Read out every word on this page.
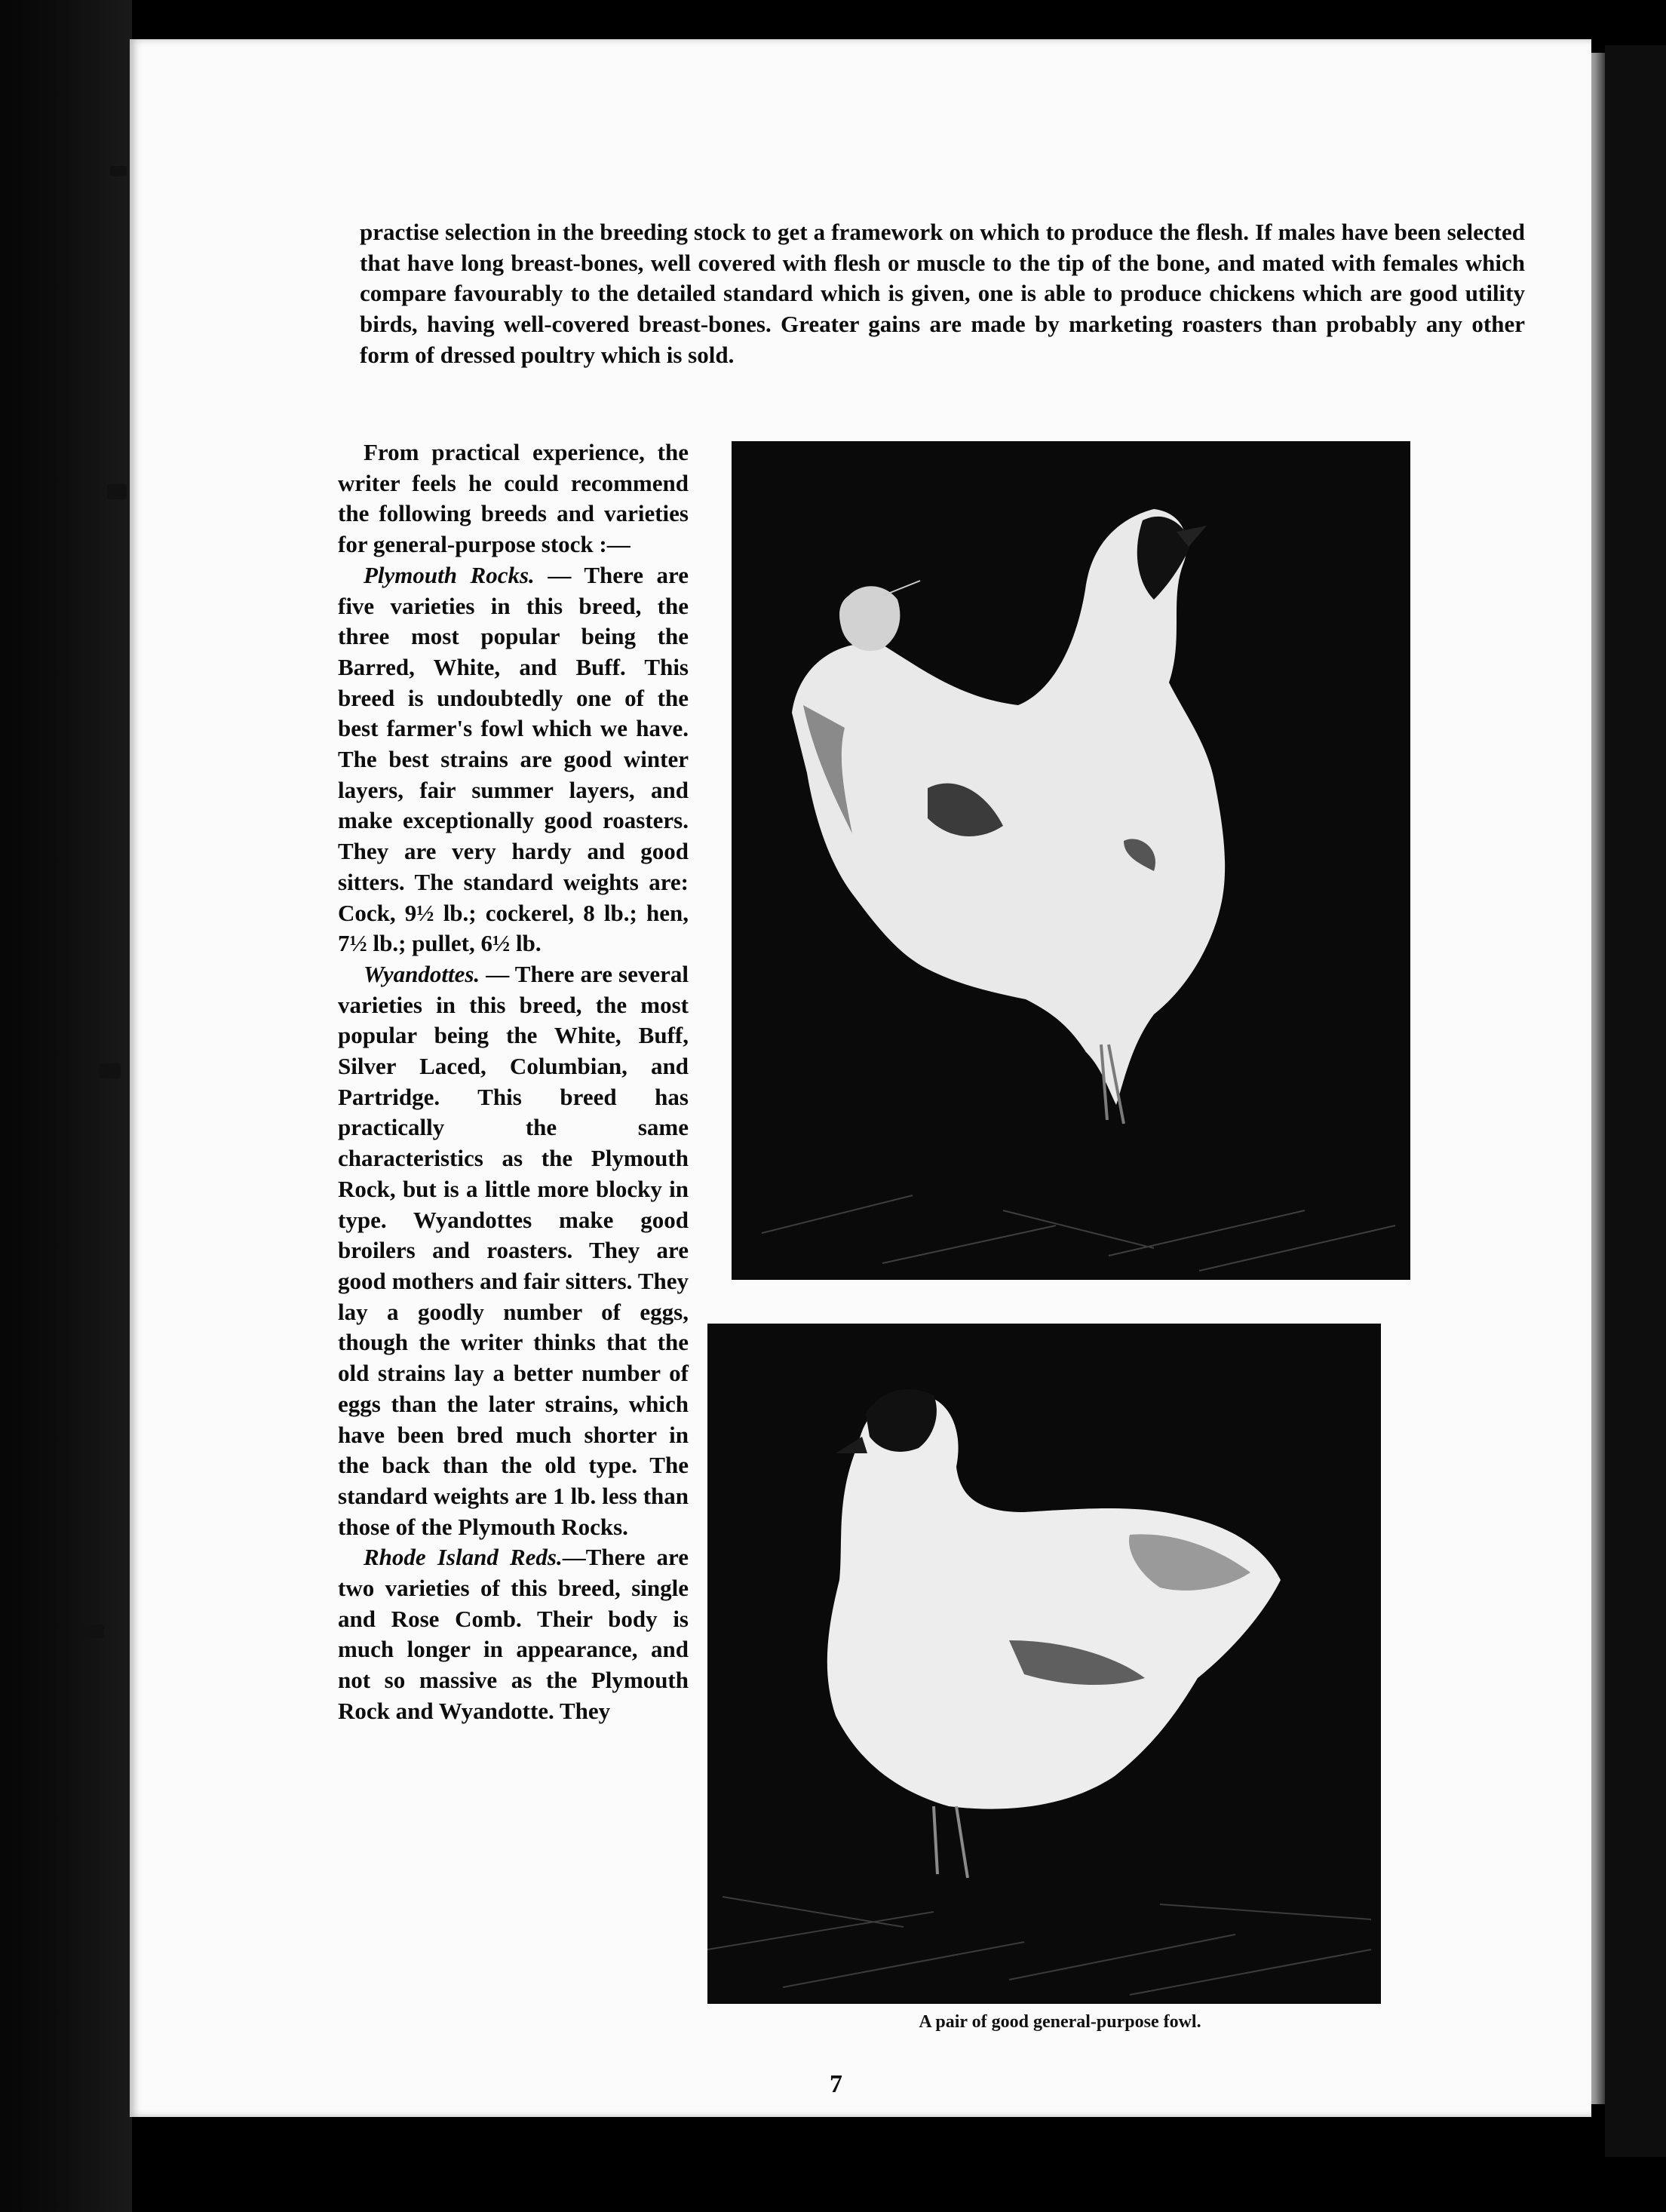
practise selection in the breeding stock to get a framework on which to produce the flesh. If males have been selected that have long breast-bones, well covered with flesh or muscle to the tip of the bone, and mated with females which compare favourably to the detailed standard which is given, one is able to produce chickens which are good utility birds, having well-covered breast-bones. Greater gains are made by marketing roasters than probably any other form of dressed poultry which is sold.

From practical experience, the writer feels he could recommend the following breeds and varieties for general-purpose stock :—

Plymouth Rocks. — There are five varieties in this breed, the three most popular being the Barred, White, and Buff. This breed is undoubtedly one of the best farmer's fowl which we have. The best strains are good winter layers, fair summer layers, and make exceptionally good roasters. They are very hardy and good sitters. The standard weights are: Cock, 9½ lb.; cockerel, 8 lb.; hen, 7½ lb.; pullet, 6½ lb.

Wyandottes. — There are several varieties in this breed, the most popular being the White, Buff, Silver Laced, Columbian, and Partridge. This breed has practically the same characteristics as the Plymouth Rock, but is a little more blocky in type. Wyandottes make good broilers and roasters. They are good mothers and fair sitters. They lay a goodly number of eggs, though the writer thinks that the old strains lay a better number of eggs than the later strains, which have been bred much shorter in the back than the old type. The standard weights are 1 lb. less than those of the Plymouth Rocks.

Rhode Island Reds.—There are two varieties of this breed, single and Rose Comb. Their body is much longer in appearance, and not so massive as the Plymouth Rock and Wyandotte. They

A pair of good general-purpose fowl.
7
